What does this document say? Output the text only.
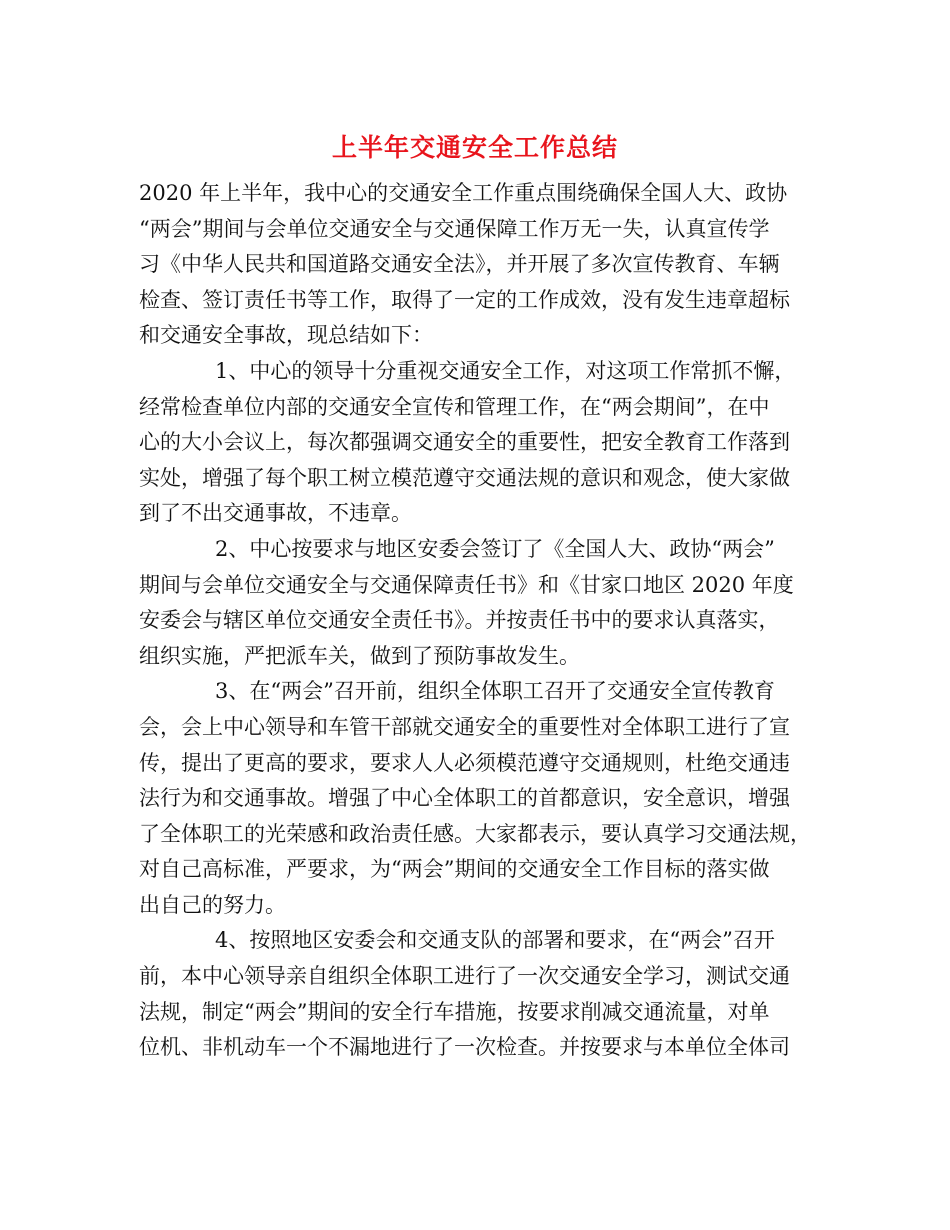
上半年交通安全工作总结
2020 年上半年，我中心的交通安全工作重点围绕确保全国人大、政协
“两会”期间与会单位交通安全与交通保障工作万无一失，认真宣传学
习《中华人民共和国道路交通安全法》，并开展了多次宣传教育、车辆
检查、签订责任书等工作，取得了一定的工作成效，没有发生违章超标
和交通安全事故，现总结如下：
1、中心的领导十分重视交通安全工作，对这项工作常抓不懈，
经常检查单位内部的交通安全宣传和管理工作，在“两会期间”，在中
心的大小会议上，每次都强调交通安全的重要性，把安全教育工作落到
实处，增强了每个职工树立模范遵守交通法规的意识和观念，使大家做
到了不出交通事故，不违章。
2、中心按要求与地区安委会签订了《全国人大、政协“两会”
期间与会单位交通安全与交通保障责任书》和《甘家口地区 2020 年度
安委会与辖区单位交通安全责任书》。并按责任书中的要求认真落实，
组织实施，严把派车关，做到了预防事故发生。
3、在“两会”召开前，组织全体职工召开了交通安全宣传教育
会，会上中心领导和车管干部就交通安全的重要性对全体职工进行了宣
传，提出了更高的要求，要求人人必须模范遵守交通规则，杜绝交通违
法行为和交通事故。增强了中心全体职工的首都意识，安全意识，增强
了全体职工的光荣感和政治责任感。大家都表示，要认真学习交通法规，
对自己高标准，严要求，为“两会”期间的交通安全工作目标的落实做
出自己的努力。
4、按照地区安委会和交通支队的部署和要求，在“两会”召开
前，本中心领导亲自组织全体职工进行了一次交通安全学习，测试交通
法规，制定“两会”期间的安全行车措施，按要求削减交通流量，对单
位机、非机动车一个不漏地进行了一次检查。并按要求与本单位全体司
